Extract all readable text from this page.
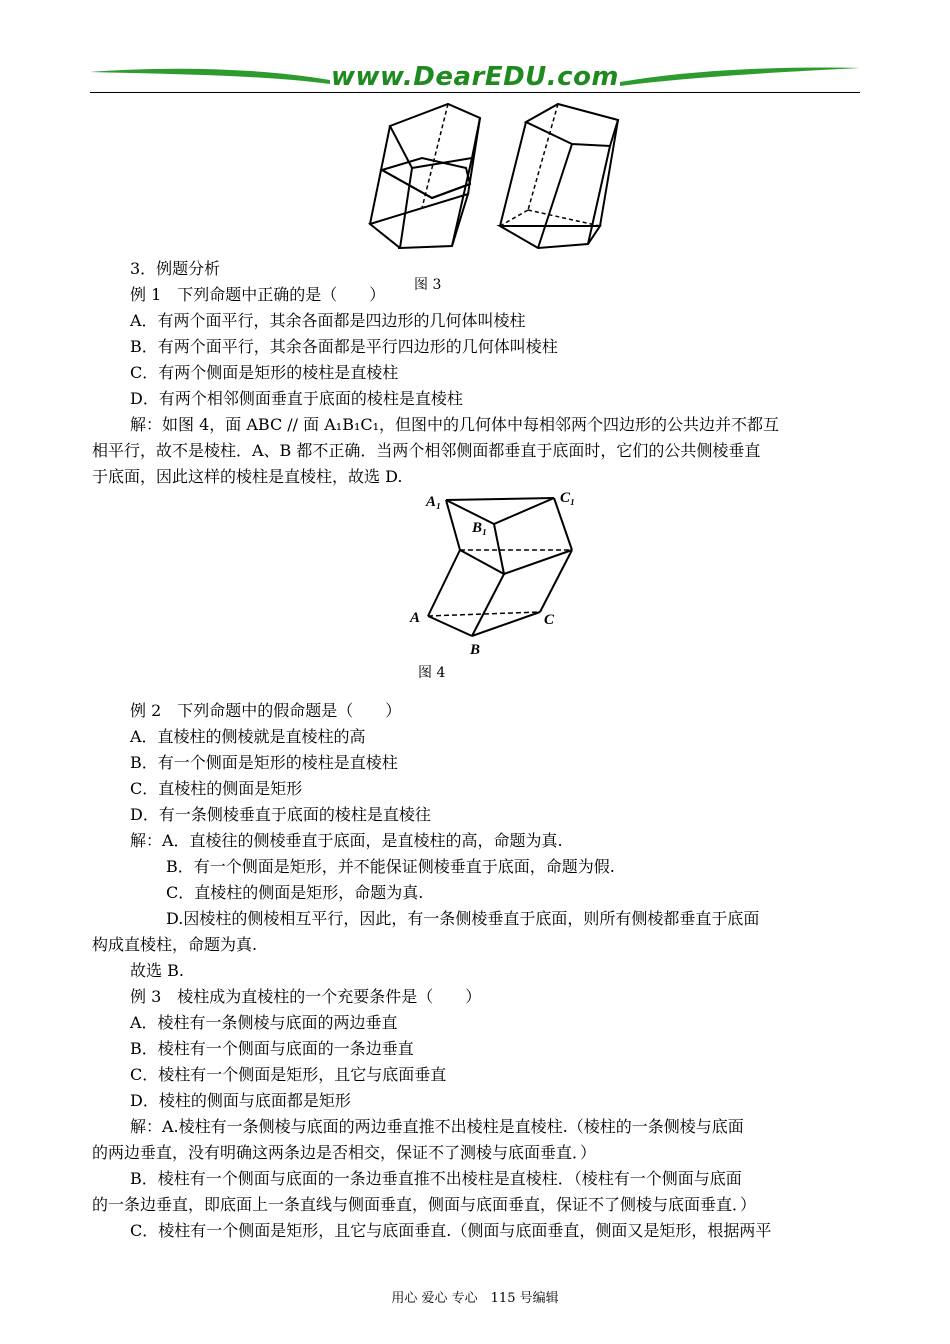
www.DearEDU.com
图 3
3．例题分析
例 1　下列命题中正确的是（　　）
A．有两个面平行，其余各面都是四边形的几何体叫棱柱
B．有两个面平行，其余各面都是平行四边形的几何体叫棱柱
C．有两个侧面是矩形的棱柱是直棱柱
D．有两个相邻侧面垂直于底面的棱柱是直棱柱
解：如图 4，面 ABC // 面 A₁B₁C₁，但图中的几何体中每相邻两个四边形的公共边并不都互
相平行，故不是棱柱．A、B 都不正确．当两个相邻侧面都垂直于底面时，它们的公共侧棱垂直
于底面，因此这样的棱柱是直棱柱，故选 D.
A₁	C₁
B₁
A	C
B
图 4
例 2　下列命题中的假命题是（　　）
A．直棱柱的侧棱就是直棱柱的高
B．有一个侧面是矩形的棱柱是直棱柱
C．直棱柱的侧面是矩形
D．有一条侧棱垂直于底面的棱柱是直棱往
解：A．直棱往的侧棱垂直于底面，是直棱柱的高，命题为真.
B．有一个侧面是矩形，并不能保证侧棱垂直于底面，命题为假.
C．直棱柱的侧面是矩形，命题为真.
D.因棱柱的侧棱相互平行，因此，有一条侧棱垂直于底面，则所有侧棱都垂直于底面
构成直棱柱，命题为真.
故选 B.
例 3　棱柱成为直棱柱的一个充要条件是（　　）
A．棱柱有一条侧棱与底面的两边垂直
B．棱柱有一个侧面与底面的一条边垂直
C．棱柱有一个侧面是矩形，且它与底面垂直
D．棱柱的侧面与底面都是矩形
解：A.棱柱有一条侧棱与底面的两边垂直推不出棱柱是直棱柱.（棱柱的一条侧棱与底面
的两边垂直，没有明确这两条边是否相交，保证不了测棱与底面垂直．）
B．棱柱有一个侧面与底面的一条边垂直推不出棱柱是直棱柱．（棱柱有一个侧面与底面
的一条边垂直，即底面上一条直线与侧面垂直，侧面与底面垂直，保证不了侧棱与底面垂直．）
C．棱柱有一个侧面是矩形，且它与底面垂直.（侧面与底面垂直，侧面又是矩形，根据两平
用心 爱心 专心　115 号编辑
